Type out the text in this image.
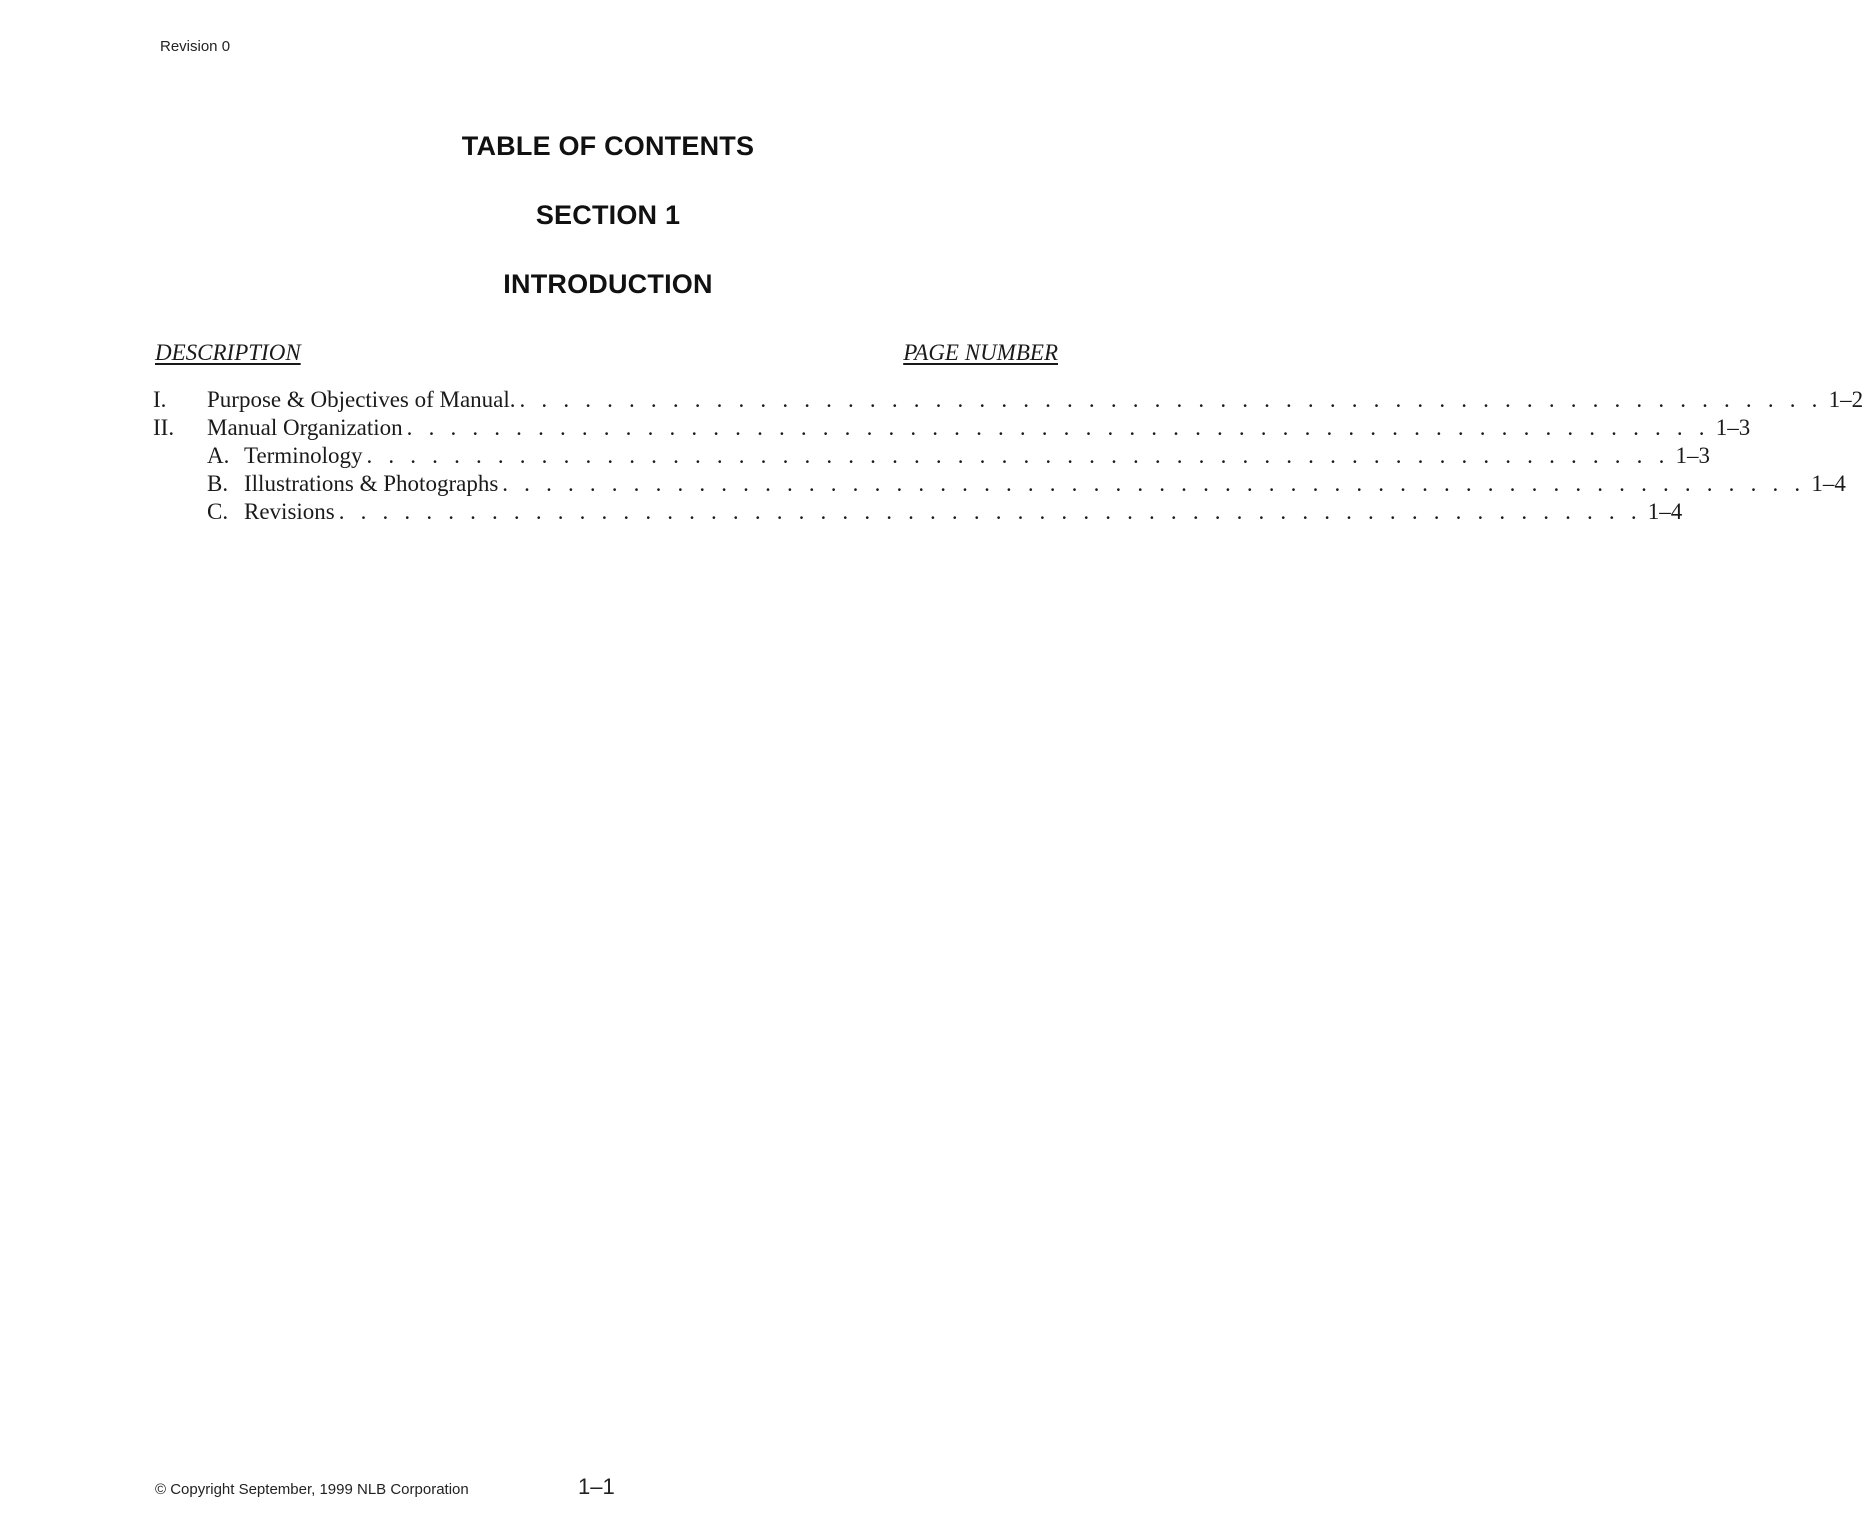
Revision 0
TABLE OF CONTENTS
SECTION 1
INTRODUCTION
DESCRIPTION	PAGE NUMBER
I.	Purpose & Objectives of Manual. . . . . . . . . . . . . . . . . . . . . . . . . . . . . . . . . . . . . . . . . . . . . . . . . . . . . . . . . . . . . 1–2
II.	Manual Organization . . . . . . . . . . . . . . . . . . . . . . . . . . . . . . . . . . . . . . . . . . . . . . . . . . . . . . . . . . . . 1–3
A. Terminology . . . . . . . . . . . . . . . . . . . . . . . . . . . . . . . . . . . . . . . . . . . . . . . . . . . . . . . . . . . . 1–3
B. Illustrations & Photographs . . . . . . . . . . . . . . . . . . . . . . . . . . . . . . . . . . . . . . . . . . . . . . . . . . . . . . . . . . . . 1–4
C. Revisions . . . . . . . . . . . . . . . . . . . . . . . . . . . . . . . . . . . . . . . . . . . . . . . . . . . . . . . . . . . . 1–4
© Copyright September, 1999 NLB Corporation	1–1
